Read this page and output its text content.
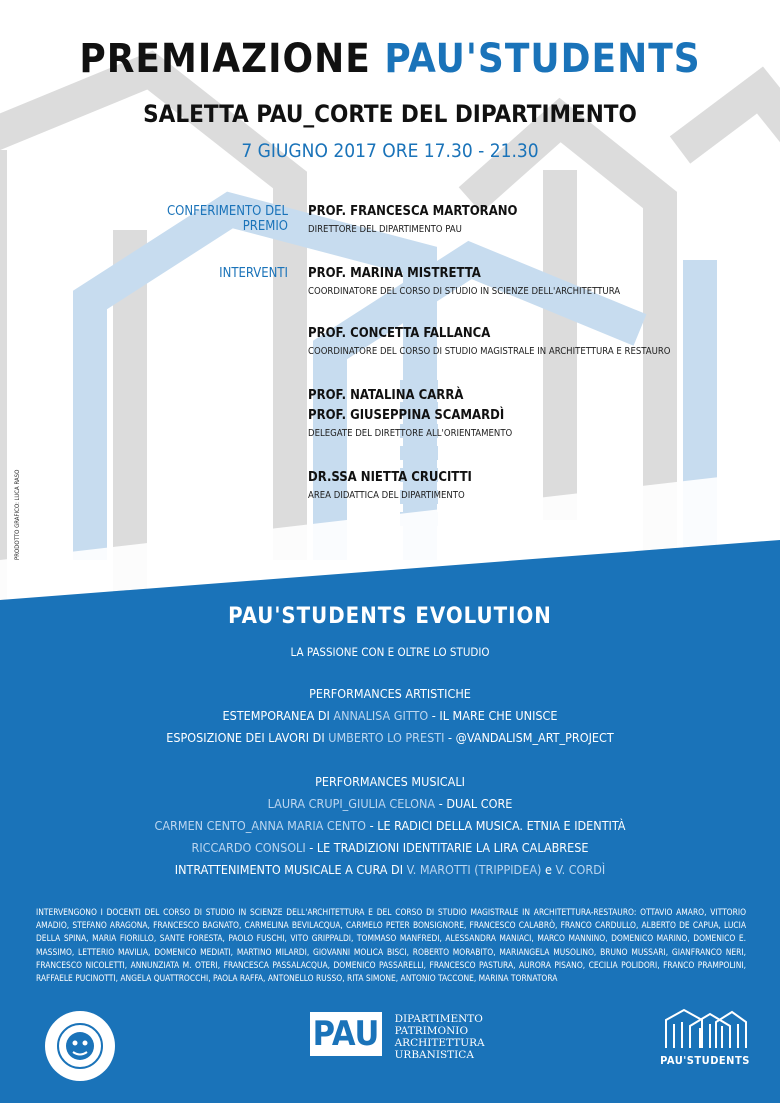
PREMIAZIONE PAU'STUDENTS
SALETTA PAU_CORTE DEL DIPARTIMENTO
7 GIUGNO 2017 ORE 17.30 - 21.30
CONFERIMENTO DEL PREMIO
PROF. FRANCESCA MARTORANO
DIRETTORE DEL DIPARTIMENTO PAU
INTERVENTI PROF. MARINA MISTRETTA
COORDINATORE DEL CORSO DI STUDIO IN SCIENZE DELL'ARCHITETTURA
PROF. CONCETTA FALLANCA
COORDINATORE DEL CORSO DI STUDIO MAGISTRALE IN ARCHITETTURA E RESTAURO
PROF. NATALINA CARRÀ
PROF. GIUSEPPINA SCAMARDÌ
DELEGATE DEL DIRETTORE ALL'ORIENTAMENTO
DR.SSA NIETTA CRUCITTI
AREA DIDATTICA DEL DIPARTIMENTO
PRODOTTO GRAFICO: LUCA RASO
PAU'STUDENTS EVOLUTION
LA PASSIONE CON E OLTRE LO STUDIO
PERFORMANCES ARTISTICHE
ESTEMPORANEA DI ANNALISA GITTO - IL MARE CHE UNISCE
ESPOSIZIONE DEI LAVORI DI UMBERTO LO PRESTI - @VANDALISM_ART_PROJECT
PERFORMANCES MUSICALI
LAURA CRUPI_GIULIA CELONA - DUAL CORE
CARMEN CENTO_ANNA MARIA CENTO - LE RADICI DELLA MUSICA. ETNIA E IDENTITÀ
RICCARDO CONSOLI - LE TRADIZIONI IDENTITARIE LA LIRA CALABRESE
INTRATTENIMENTO MUSICALE A CURA DI V. MAROTTI (TRIPPIDEA) e V. CORDÌ
INTERVENGONO I DOCENTI DEL CORSO DI STUDIO IN SCIENZE DELL'ARCHITETTURA E DEL CORSO DI STUDIO MAGISTRALE IN ARCHITETTURA-RESTAURO: OTTAVIO AMARO, VITTORIO AMADIO, STEFANO ARAGONA, FRANCESCO BAGNATO, CARMELINA BEVILACQUA, CARMELO PETER BONSIGNORE, FRANCESCO CALABRÒ, FRANCO CARDULLO, ALBERTO DE CAPUA, LUCIA DELLA SPINA, MARIA FIORILLO, SANTE FORESTA, PAOLO FUSCHI, VITO GRIPPALDI, TOMMASO MANFREDI, ALESSANDRA MANIACI, MARCO MANNINO, DOMENICO MARINO, DOMENICO E. MASSIMO, LETTERIO MAVILIA, DOMENICO MEDIATI, MARTINO MILARDI, GIOVANNI MOLICA BISCI, ROBERTO MORABITO, MARIANGELA MUSOLINO, BRUNO MUSSARI, GIANFRANCO NERI, FRANCESCO NICOLETTI, ANNUNZIATA M. OTERI, FRANCESCA PASSALACQUA, DOMENICO PASSARELLI, FRANCESCO PASTURA, AURORA PISANO, CECILIA POLIDORI, FRANCO PRAMPOLINI, RAFFAELE PUCINOTTI, ANGELA QUATTROCCHI, PAOLA RAFFA, ANTONELLO RUSSO, RITA SIMONE, ANTONIO TACCONE, MARINA TORNATORA
PAU DIPARTIMENTO
PATRIMONIO
ARCHITETTURA
URBANISTICA	PAU'STUDENTS
